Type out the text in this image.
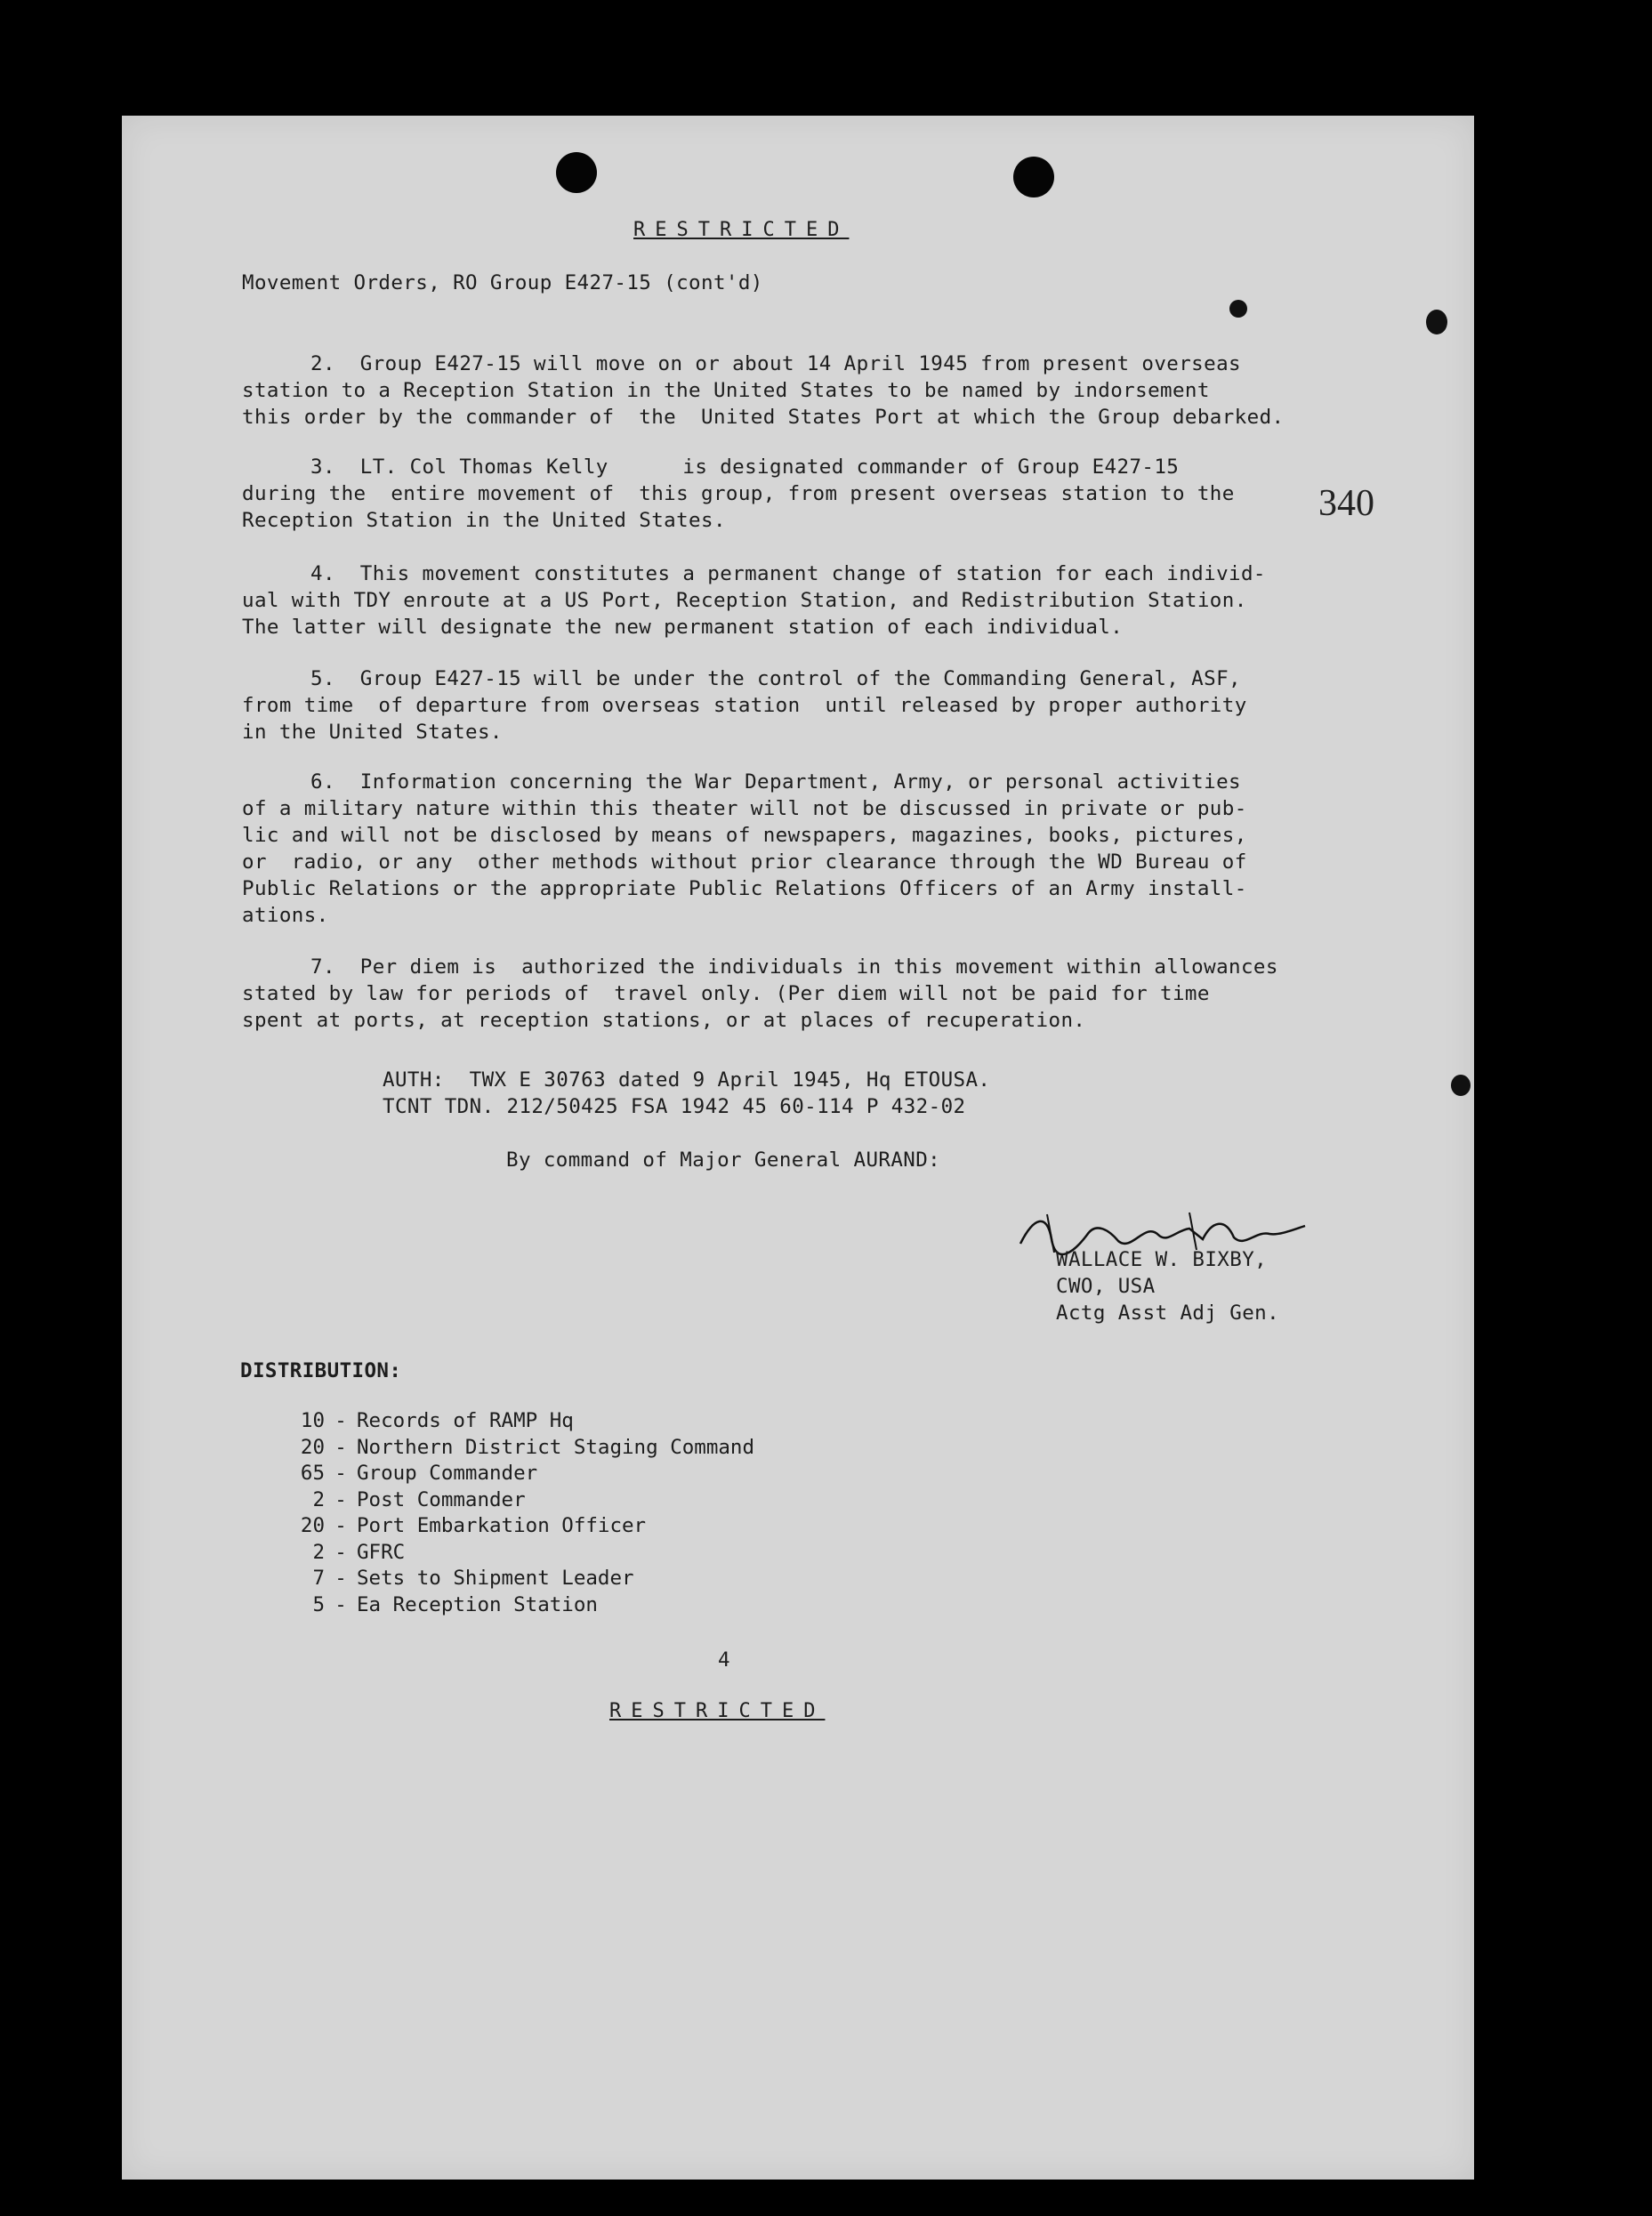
RESTRICTED
Movement Orders, RO Group E427-15 (cont'd)
2.  Group E427-15 will move on or about 14 April 1945 from present overseas
station to a Reception Station in the United States to be named by indorsement
this order by the commander of  the  United States Port at which the Group debarked.
3.  LT. Col Thomas Kelly      is designated commander of Group E427-15
during the  entire movement of  this group, from present overseas station to the
Reception Station in the United States.	340
4.  This movement constitutes a permanent change of station for each individ-
ual with TDY enroute at a US Port, Reception Station, and Redistribution Station.
The latter will designate the new permanent station of each individual.
5.  Group E427-15 will be under the control of the Commanding General, ASF,
from time  of departure from overseas station  until released by proper authority
in the United States.
6.  Information concerning the War Department, Army, or personal activities
of a military nature within this theater will not be discussed in private or pub-
lic and will not be disclosed by means of newspapers, magazines, books, pictures,
or  radio, or any  other methods without prior clearance through the WD Bureau of
Public Relations or the appropriate Public Relations Officers of an Army install-
ations.
7.  Per diem is  authorized the individuals in this movement within allowances
stated by law for periods of  travel only. (Per diem will not be paid for time
spent at ports, at reception stations, or at places of recuperation.
AUTH:  TWX E 30763 dated 9 April 1945, Hq ETOUSA.
TCNT TDN. 212/50425 FSA 1942 45 60-114 P 432-02
By command of Major General AURAND:
WALLACE W. BIXBY,
CWO, USA
Actg Asst Adj Gen.
DISTRIBUTION:
10 - Records of RAMP Hq
20 - Northern District Staging Command
65 - Group Commander
2 - Post Commander
20 - Port Embarkation Officer
2 - GFRC
7 - Sets to Shipment Leader
5 - Ea Reception Station
4
RESTRICTED
